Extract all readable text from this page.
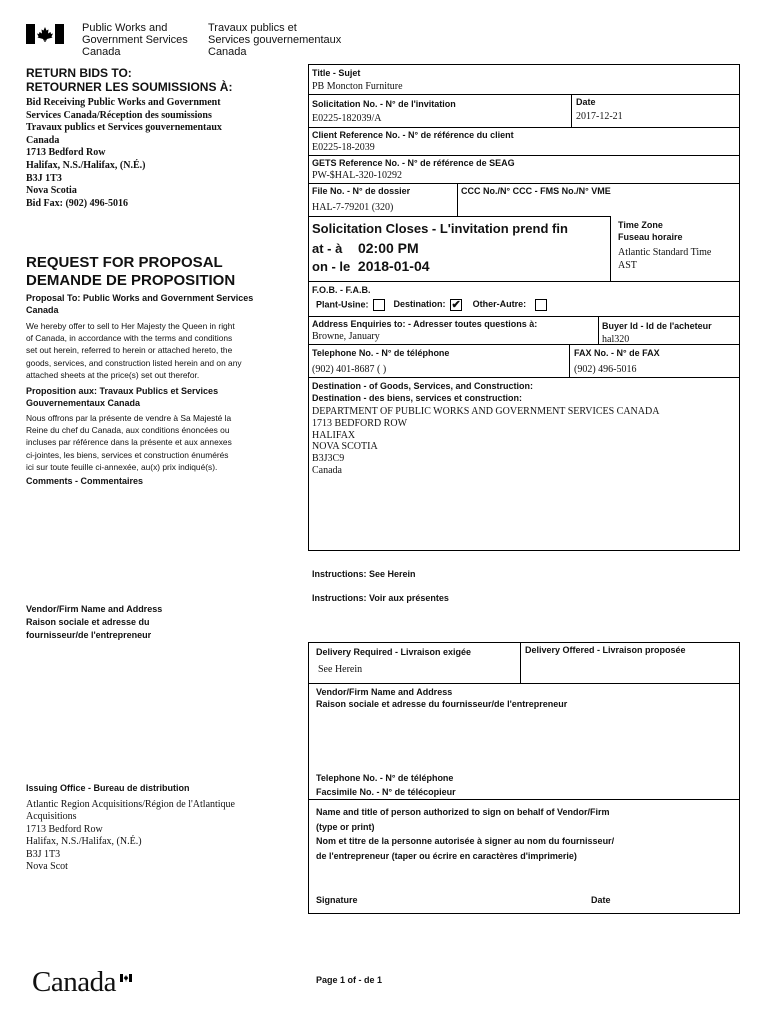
Public Works and
Government Services
Canada
Travaux publics et
Services gouvernementaux
Canada
RETURN BIDS TO:
RETOURNER LES SOUMISSIONS À:
Bid Receiving Public Works and Government
Services Canada/Réception des soumissions
Travaux publics et Services gouvernementaux
Canada
1713 Bedford Row
Halifax, N.S./Halifax, (N.É.)
B3J 1T3
Nova Scotia
Bid Fax: (902) 496-5016
REQUEST FOR PROPOSAL
DEMANDE DE PROPOSITION
Proposal To: Public Works and Government Services Canada
We hereby offer to sell to Her Majesty the Queen in right
of Canada, in accordance with the terms and conditions
set out herein, referred to herein or attached hereto, the
goods, services, and construction listed herein and on any
attached sheets at the price(s) set out therefor.
Proposition aux: Travaux Publics et Services Gouvernementaux Canada
Nous offrons par la présente de vendre à Sa Majesté la
Reine du chef du Canada, aux conditions énoncées ou
incluses par référence dans la présente et aux annexes
ci-jointes, les biens, services et construction énumérés
ici sur toute feuille ci-annexée, au(x) prix indiqué(s).
Comments - Commentaires
Vendor/Firm Name and Address
Raison sociale et adresse du
fournisseur/de l'entrepreneur
Issuing Office - Bureau de distribution
Atlantic Region Acquisitions/Région de l'Atlantique
Acquisitions
1713 Bedford Row
Halifax, N.S./Halifax, (N.É.)
B3J 1T3
Nova Scot
Title - Sujet
PB Moncton Furniture
Solicitation No. - N° de l'invitation
E0225-182039/A
Date
2017-12-21
Client Reference No. - N° de référence du client
E0225-18-2039
GETS Reference No. - N° de référence de SEAG
PW-$HAL-320-10292
File No. - N° de dossier
HAL-7-79201 (320)
CCC No./N° CCC - FMS No./N° VME
Solicitation Closes - L'invitation prend fin
at - à 02:00 PM
on - le 2018-01-04
Time Zone
Fuseau horaire
Atlantic Standard Time
AST
F.O.B. - F.A.B.
Plant-Usine:	Destination: ✔ Other-Autre:
Address Enquiries to: - Adresser toutes questions à:
Browne, January
Buyer Id - Id de l'acheteur
hal320
Telephone No. - N° de téléphone
(902) 401-8687 ( )
FAX No. - N° de FAX
(902) 496-5016
Destination - of Goods, Services, and Construction:
Destination - des biens, services et construction:
DEPARTMENT OF PUBLIC WORKS AND GOVERNMENT SERVICES CANADA
1713 BEDFORD ROW
HALIFAX
NOVA SCOTIA
B3J3C9
Canada
Instructions: See Herein
Instructions: Voir aux présentes
Delivery Required - Livraison exigée
See Herein
Delivery Offered - Livraison proposée
Vendor/Firm Name and Address
Raison sociale et adresse du fournisseur/de l'entrepreneur
Telephone No. - N° de téléphone
Facsimile No. - N° de télécopieur
Name and title of person authorized to sign on behalf of Vendor/Firm
(type or print)
Nom et titre de la personne autorisée à signer au nom du fournisseur/
de l'entrepreneur (taper ou écrire en caractères d'imprimerie)
Signature	Date
Canada	Page 1 of - de 1
